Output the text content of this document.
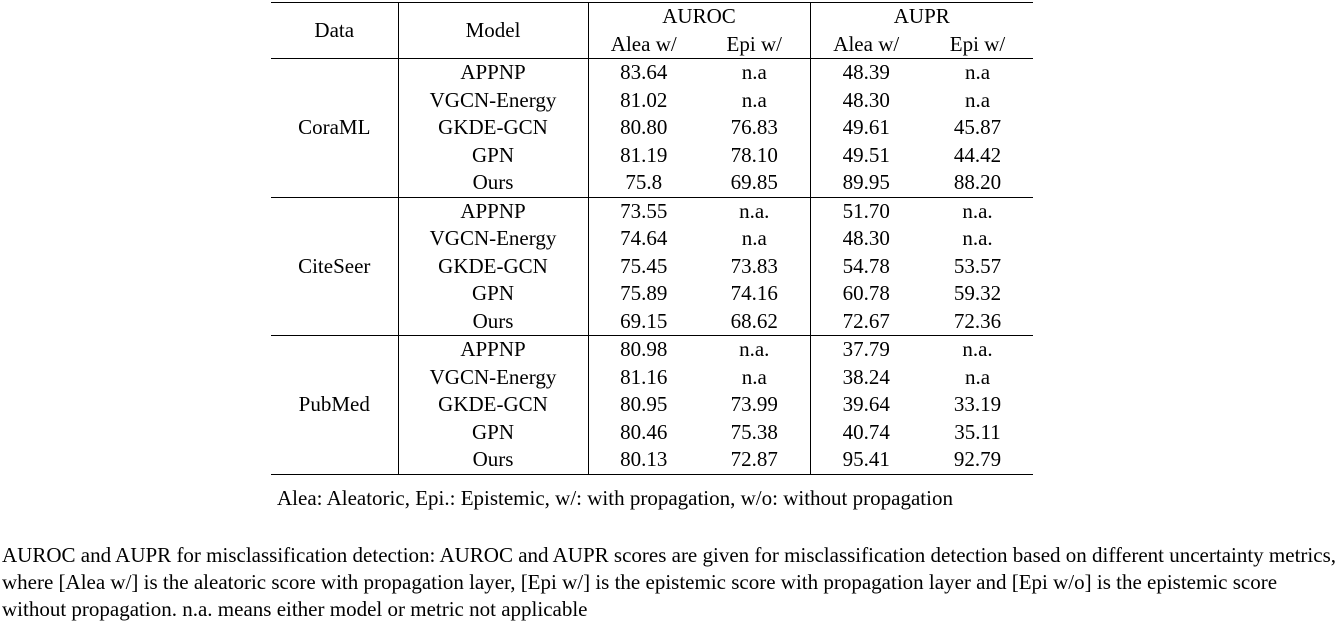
Data	Model	AUROC		AUPR	
		Alea w/	Epi w/	Alea w/	Epi w/
CoraML	APPNP	83.64	n.a	48.39	n.a
	VGCN-Energy	81.02	n.a	48.30	n.a
	GKDE-GCN	80.80	76.83	49.61	45.87
	GPN	81.19	78.10	49.51	44.42
	Ours	75.8	69.85	89.95	88.20
CiteSeer	APPNP	73.55	n.a.	51.70	n.a.
	VGCN-Energy	74.64	n.a	48.30	n.a.
	GKDE-GCN	75.45	73.83	54.78	53.57
	GPN	75.89	74.16	60.78	59.32
	Ours	69.15	68.62	72.67	72.36
PubMed	APPNP	80.98	n.a.	37.79	n.a.
	VGCN-Energy	81.16	n.a	38.24	n.a
	GKDE-GCN	80.95	73.99	39.64	33.19
	GPN	80.46	75.38	40.74	35.11
	Ours	80.13	72.87	95.41	92.79
Alea: Aleatoric, Epi.: Epistemic, w/: with propagation, w/o: without propagation
AUROC and AUPR for misclassification detection: AUROC and AUPR scores are given for misclassification detection based on different uncertainty metrics, where [Alea w/] is the aleatoric score with propagation layer, [Epi w/] is the epistemic score with propagation layer and [Epi w/o] is the epistemic score without propagation. n.a. means either model or metric not applicable
